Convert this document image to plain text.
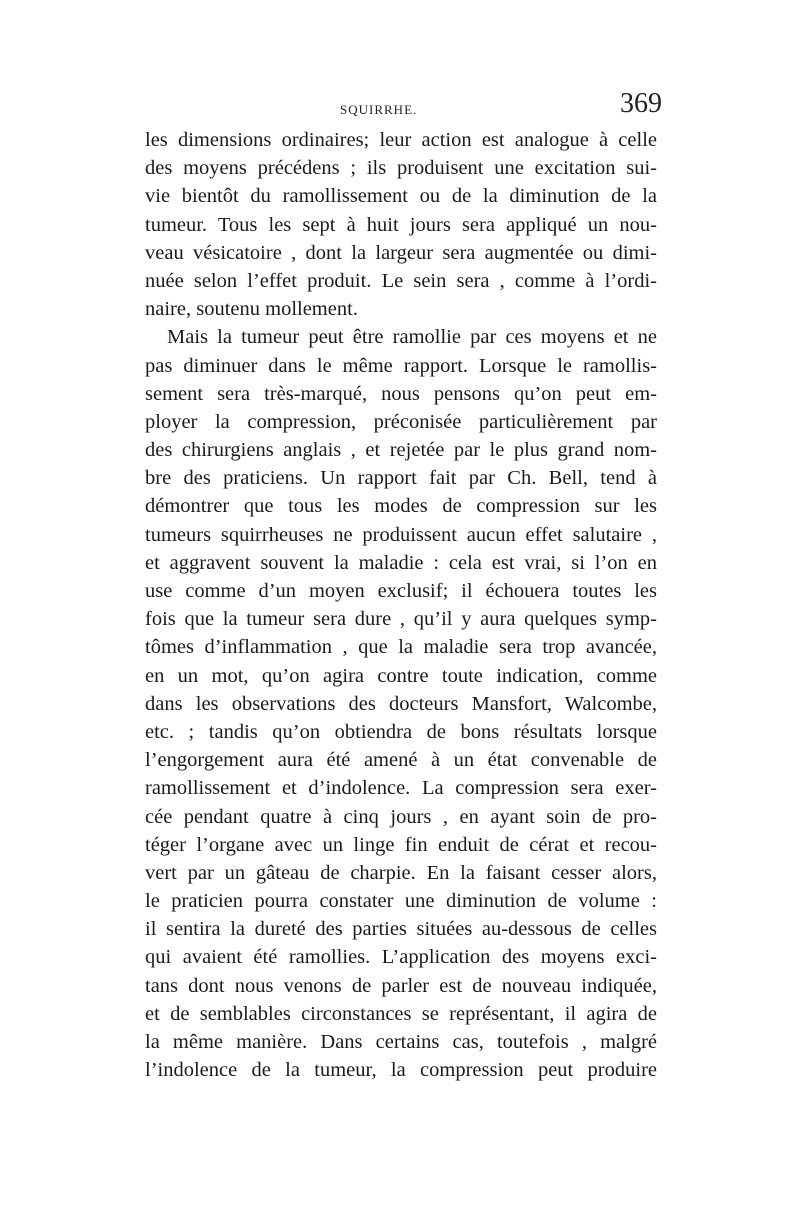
SQUIRRHE.	369
les dimensions ordinaires; leur action est analogue à celle
des moyens précédens ; ils produisent une excitation sui-
vie bientôt du ramollissement ou de la diminution de la
tumeur. Tous les sept à huit jours sera appliqué un nou-
veau vésicatoire , dont la largeur sera augmentée ou dimi-
nuée selon l’effet produit. Le sein sera , comme à l’ordi-
naire, soutenu mollement.
Mais la tumeur peut être ramollie par ces moyens et ne
pas diminuer dans le même rapport. Lorsque le ramollis-
sement sera très-marqué, nous pensons qu’on peut em-
ployer la compression, préconisée particulièrement par
des chirurgiens anglais , et rejetée par le plus grand nom-
bre des praticiens. Un rapport fait par Ch. Bell, tend à
démontrer que tous les modes de compression sur les
tumeurs squirrheuses ne produissent aucun effet salutaire ,
et aggravent souvent la maladie : cela est vrai, si l’on en
use comme d’un moyen exclusif; il échouera toutes les
fois que la tumeur sera dure , qu’il y aura quelques symp-
tômes d’inflammation , que la maladie sera trop avancée,
en un mot, qu’on agira contre toute indication, comme
dans les observations des docteurs Mansfort, Walcombe,
etc. ; tandis qu’on obtiendra de bons résultats lorsque
l’engorgement aura été amené à un état convenable de
ramollissement et d’indolence. La compression sera exer-
cée pendant quatre à cinq jours , en ayant soin de pro-
téger l’organe avec un linge fin enduit de cérat et recou-
vert par un gâteau de charpie. En la faisant cesser alors,
le praticien pourra constater une diminution de volume :
il sentira la dureté des parties situées au-dessous de celles
qui avaient été ramollies. L’application des moyens exci-
tans dont nous venons de parler est de nouveau indiquée,
et de semblables circonstances se représentant, il agira de
la même manière. Dans certains cas, toutefois , malgré
l’indolence de la tumeur, la compression peut produire
